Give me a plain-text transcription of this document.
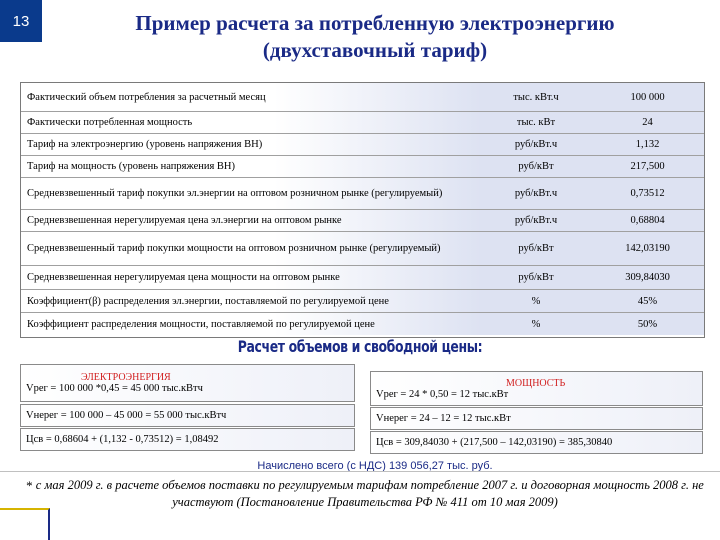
13	Пример расчета за потребленную электроэнергию
(двухставочный тариф)
Фактический объем потребления за расчетный месяц	тыс. кВт.ч	100 000
Фактически потребленная мощность	тыс. кВт	24
Тариф на электроэнергию (уровень напряжения ВН)	руб/кВт.ч	1,132
Тариф на мощность (уровень напряжения ВН)	руб/кВт	217,500
Средневзвешенный тариф покупки эл.энергии на оптовом розничном рынке (регулируемый)	руб/кВт.ч	0,73512
Средневзвешенная нерегулируемая цена эл.энергии на оптовом рынке	руб/кВт.ч	0,68804
Средневзвешенный тариф покупки мощности на оптовом розничном рынке (регулируемый)	руб/кВт	142,03190
Средневзвешенная нерегулируемая цена мощности на оптовом рынке	руб/кВт	309,84030
Коэффициент(β) распределения эл.энергии, поставляемой по регулируемой цене	%	45%
Коэффициент распределения мощности, поставляемой по регулируемой цене	%	50%
Расчет объемов и свободной цены:
ЭЛЕКТРОЭНЕРГИЯ
Vрег = 100 000 *0,45 = 45 000 тыс.кВтч
Vнерег = 100 000 – 45 000 = 55 000 тыс.кВтч
Цсв = 0,68604 + (1,132 - 0,73512) = 1,08492
МОЩНОСТЬ
Vрег = 24 * 0,50 = 12 тыс.кВт
Vнерег = 24 – 12 = 12 тыс.кВт
Цсв = 309,84030 + (217,500 – 142,03190) = 385,30840
Начислено всего (с НДС) 139 056,27 тыс. руб.
* с мая 2009 г. в расчете объемов поставки по регулируемым тарифам потребление 2007 г. и договорная мощность 2008 г. не участвуют (Постановление Правительства РФ № 411 от 10 мая 2009)
